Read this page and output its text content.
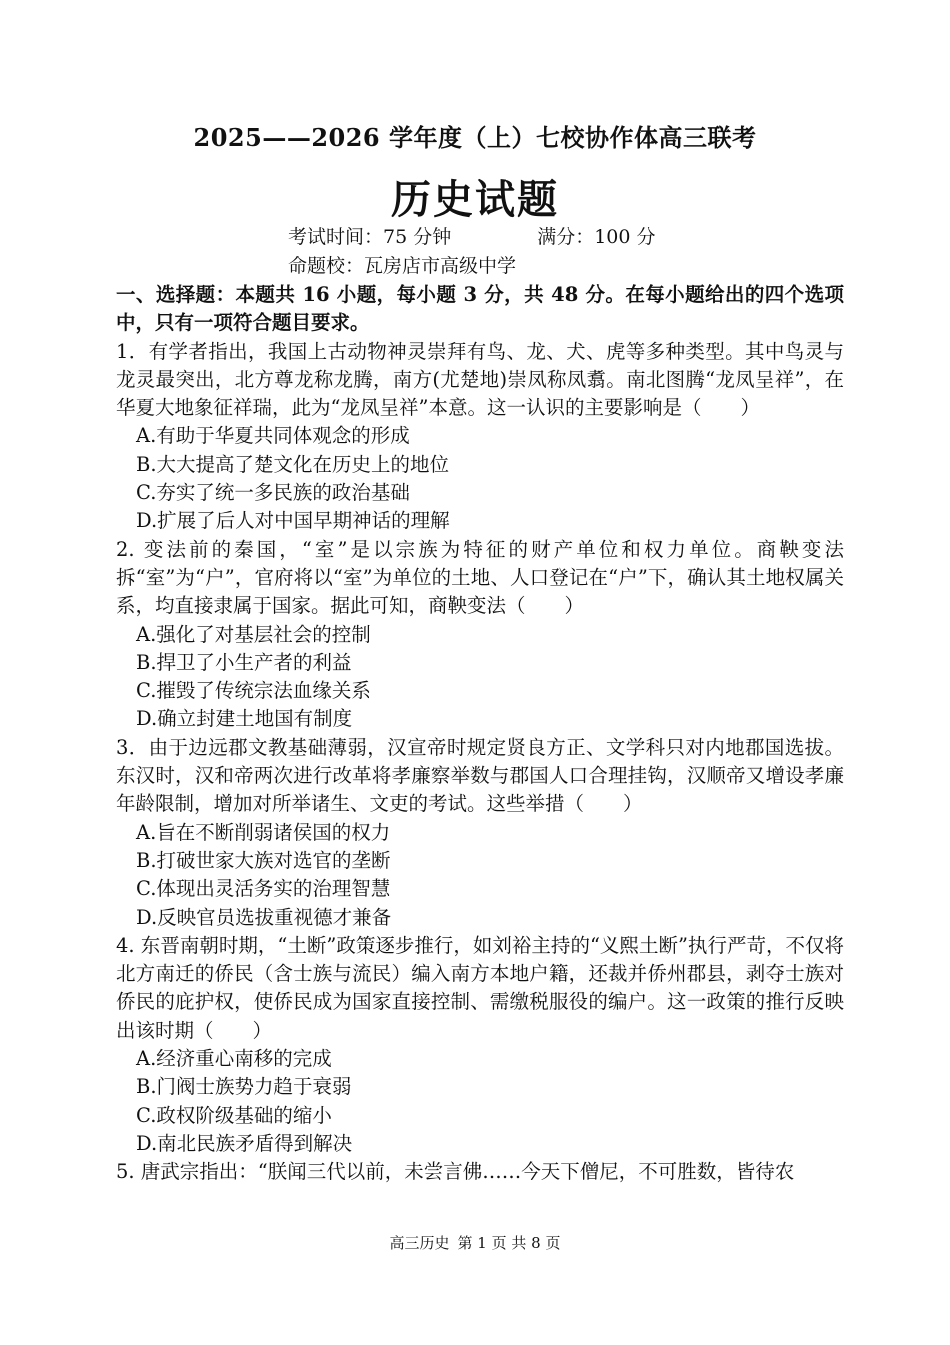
2025——2026 学年度（上）七校协作体高三联考
历史试题
考试时间：75 分钟	满分：100 分
命题校：瓦房店市高级中学
一、选择题：本题共 16 小题，每小题 3 分，共 48 分。在每小题给出的四个选项中，只有一项符合题目要求。
1．有学者指出，我国上古动物神灵崇拜有鸟、龙、犬、虎等多种类型。其中鸟灵与龙灵最突出，北方尊龙称龙腾，南方(尤楚地)崇凤称凤翥。南北图腾“龙凤呈祥”，在华夏大地象征祥瑞，此为“龙凤呈祥”本意。这一认识的主要影响是（　　）
A.有助于华夏共同体观念的形成
B.大大提高了楚文化在历史上的地位
C.夯实了统一多民族的政治基础
D.扩展了后人对中国早期神话的理解
2. 变法前的秦国，“室”是以宗族为特征的财产单位和权力单位。商鞅变法拆“室”为“户”，官府将以“室”为单位的土地、人口登记在“户”下，确认其土地权属关系，均直接隶属于国家。据此可知，商鞅变法（　　）
A.强化了对基层社会的控制
B.捍卫了小生产者的利益
C.摧毁了传统宗法血缘关系
D.确立封建土地国有制度
3．由于边远郡文教基础薄弱，汉宣帝时规定贤良方正、文学科只对内地郡国选拔。东汉时，汉和帝两次进行改革将孝廉察举数与郡国人口合理挂钩，汉顺帝又增设孝廉年龄限制，增加对所举诸生、文吏的考试。这些举措（　　）
A.旨在不断削弱诸侯国的权力
B.打破世家大族对选官的垄断
C.体现出灵活务实的治理智慧
D.反映官员选拔重视德才兼备
4. 东晋南朝时期，“土断”政策逐步推行，如刘裕主持的“义熙土断”执行严苛，不仅将北方南迁的侨民（含士族与流民）编入南方本地户籍，还裁并侨州郡县，剥夺士族对侨民的庇护权，使侨民成为国家直接控制、需缴税服役的编户。这一政策的推行反映出该时期（　　）
A.经济重心南移的完成
B.门阀士族势力趋于衰弱
C.政权阶级基础的缩小
D.南北民族矛盾得到解决
5. 唐武宗指出：“朕闻三代以前，未尝言佛……今天下僧尼，不可胜数，皆待农
高三历史 第 1 页 共 8 页
